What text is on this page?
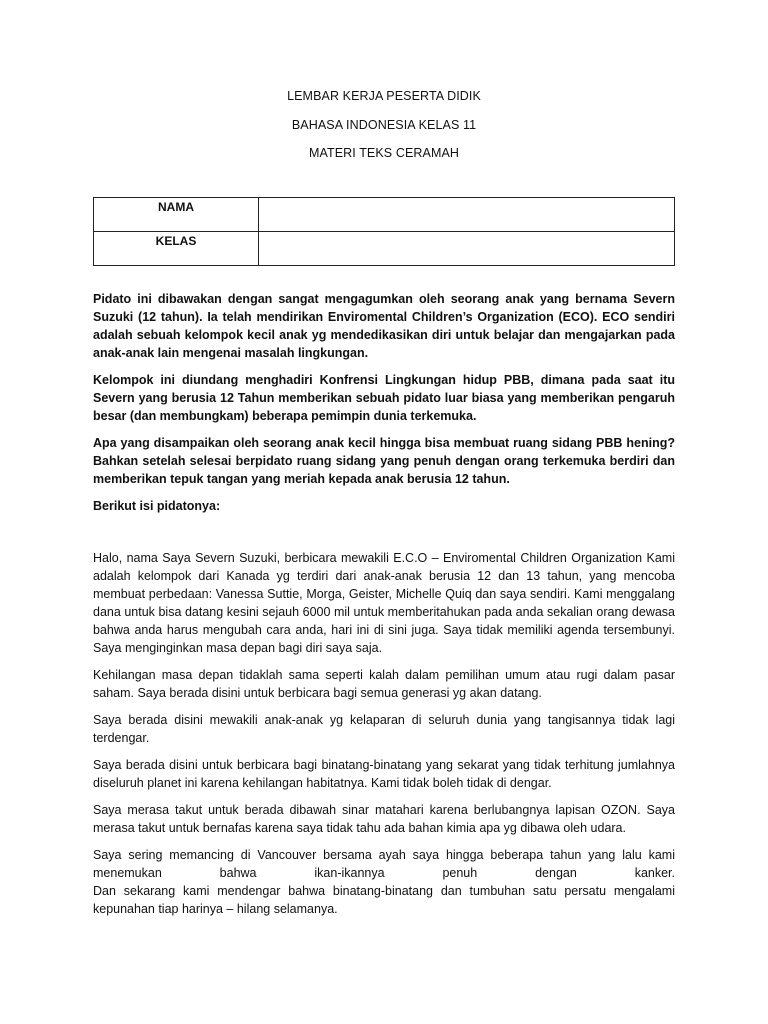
LEMBAR KERJA PESERTA DIDIK
BAHASA INDONESIA KELAS 11
MATERI TEKS CERAMAH
NAMA	
KELAS	

Pidato ini dibawakan dengan sangat mengagumkan oleh seorang anak yang bernama Severn Suzuki (12 tahun). Ia telah mendirikan Enviromental Children’s Organization (ECO). ECO sendiri adalah sebuah kelompok kecil anak yg mendedikasikan diri untuk belajar dan mengajarkan pada anak-anak lain mengenai masalah lingkungan.

Kelompok ini diundang menghadiri Konfrensi Lingkungan hidup PBB, dimana pada saat itu Severn yang berusia 12 Tahun memberikan sebuah pidato luar biasa yang memberikan pengaruh besar (dan membungkam) beberapa pemimpin dunia terkemuka.

Apa yang disampaikan oleh seorang anak kecil hingga bisa membuat ruang sidang PBB hening? Bahkan setelah selesai berpidato ruang sidang yang penuh dengan orang terkemuka berdiri dan memberikan tepuk tangan yang meriah kepada anak berusia 12 tahun.

Berikut isi pidatonya:

Halo, nama Saya Severn Suzuki, berbicara mewakili E.C.O – Enviromental Children Organization Kami adalah kelompok dari Kanada yg terdiri dari anak-anak berusia 12 dan 13 tahun, yang mencoba membuat perbedaan: Vanessa Suttie, Morga, Geister, Michelle Quiq dan saya sendiri. Kami menggalang dana untuk bisa datang kesini sejauh 6000 mil untuk memberitahukan pada anda sekalian orang dewasa bahwa anda harus mengubah cara anda, hari ini di sini juga. Saya tidak memiliki agenda tersembunyi. Saya menginginkan masa depan bagi diri saya saja.

Kehilangan masa depan tidaklah sama seperti kalah dalam pemilihan umum atau rugi dalam pasar saham. Saya berada disini untuk berbicara bagi semua generasi yg akan datang.

Saya berada disini mewakili anak-anak yg kelaparan di seluruh dunia yang tangisannya tidak lagi terdengar.

Saya berada disini untuk berbicara bagi binatang-binatang yang sekarat yang tidak terhitung jumlahnya diseluruh planet ini karena kehilangan habitatnya. Kami tidak boleh tidak di dengar.

Saya merasa takut untuk berada dibawah sinar matahari karena berlubangnya lapisan OZON. Saya merasa takut untuk bernafas karena saya tidak tahu ada bahan kimia apa yg dibawa oleh udara.

Saya sering memancing di Vancouver bersama ayah saya hingga beberapa tahun yang lalu kami menemukan bahwa ikan-ikannya penuh dengan kanker.

Dan sekarang kami mendengar bahwa binatang-binatang dan tumbuhan satu persatu mengalami kepunahan tiap harinya – hilang selamanya.
